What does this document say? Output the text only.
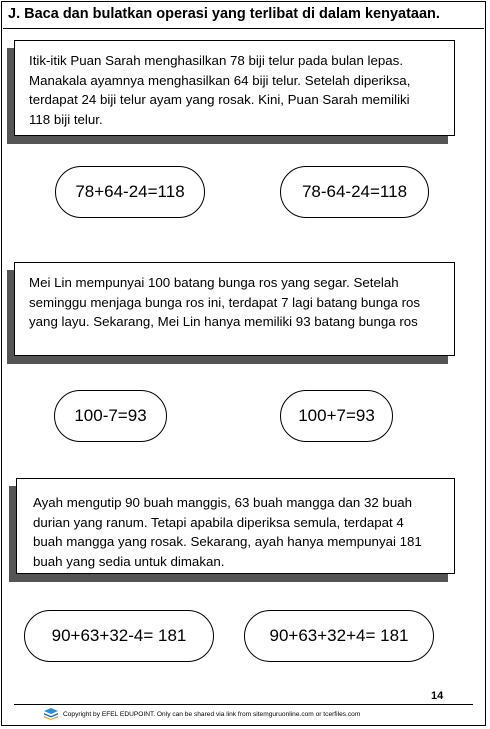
J. Baca dan bulatkan operasi yang terlibat di dalam kenyataan.

Itik-itik Puan Sarah menghasilkan 78 biji telur pada bulan lepas.

Manakala ayamnya menghasilkan 64 biji telur. Setelah diperiksa,

terdapat 24 biji telur ayam yang rosak. Kini, Puan Sarah memiliki

118 biji telur.

78+64-24=118	78-64-24=118

Mei Lin mempunyai 100 batang bunga ros yang segar. Setelah

seminggu menjaga bunga ros ini, terdapat 7 lagi batang bunga ros

yang layu. Sekarang, Mei Lin hanya memiliki 93 batang bunga ros

100-7=93	100+7=93

Ayah mengutip 90 buah manggis, 63 buah mangga dan 32 buah

durian yang ranum. Tetapi apabila diperiksa semula, terdapat 4

buah mangga yang rosak. Sekarang, ayah hanya mempunyai 181

buah yang sedia untuk dimakan.

90+63+32-4= 181	90+63+32+4= 181
14
Copyright by EFEL EDUPOINT. Only can be shared via link from sitemguruonline.com or tcerfiles.com
